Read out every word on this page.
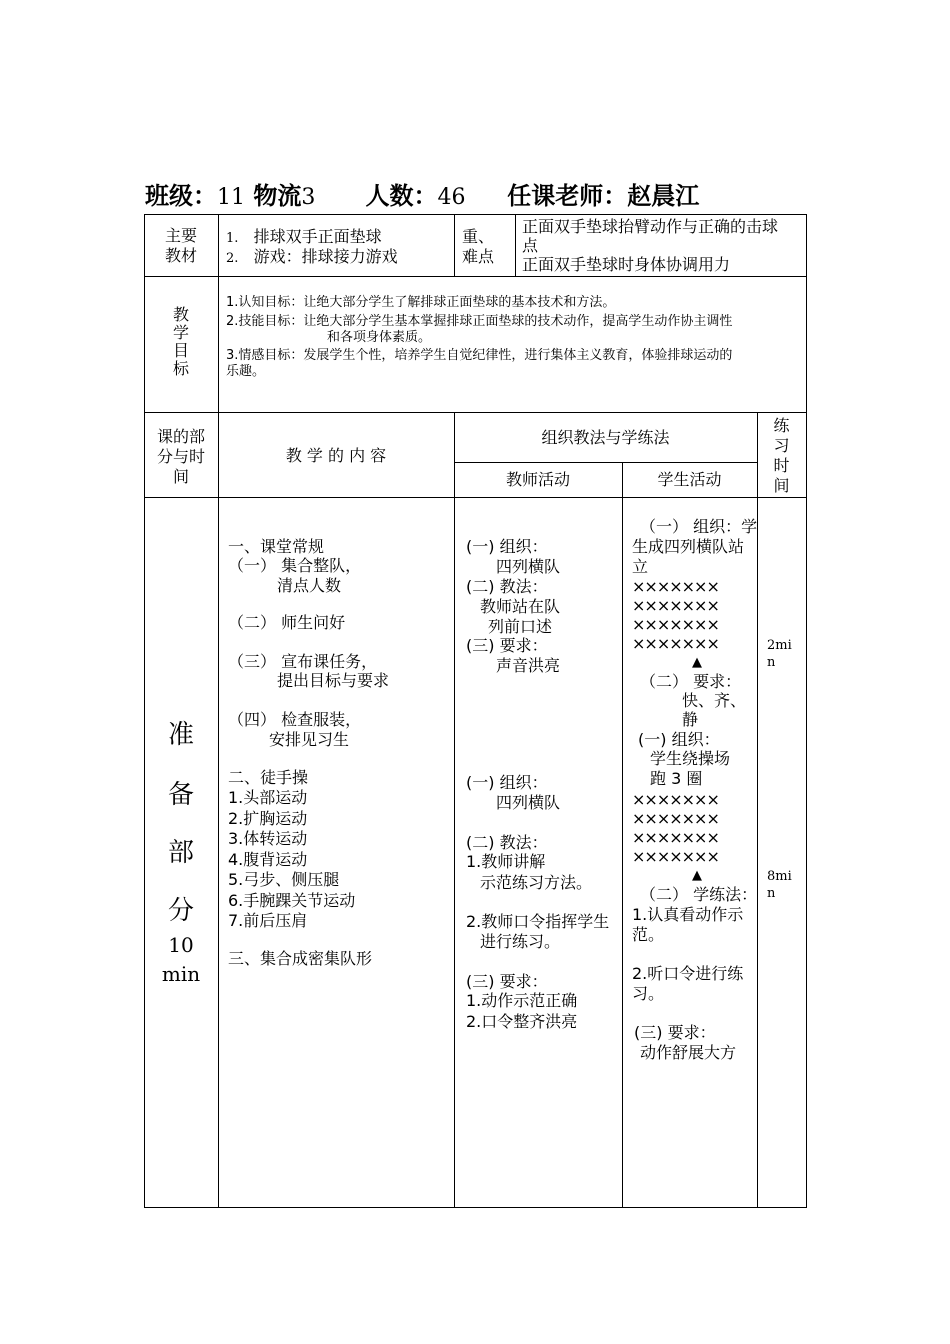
班级：11 物流3 人数：46 任课老师：赵晨江
主要
教材
1. 排球双手正面垫球
2. 游戏：排球接力游戏
重、
难点
正面双手垫球抬臂动作与正确的击球
点
正面双手垫球时身体协调用力
教
学
目
标
1.认知目标：让绝大部分学生了解排球正面垫球的基本技术和方法。
2.技能目标：让绝大部分学生基本掌握排球正面垫球的技术动作，提高学生动作协主调性
和各项身体素质。
3.情感目标：发展学生个性，培养学生自觉纪律性，进行集体主义教育，体验排球运动的
乐趣。
课的部
分与时
间
教 学 的 内 容
组织教法与学练法
教师活动	学生活动
练
习
时
间
准
备
部
分
10
min
一、课堂常规
（一） 集合整队，
清点人数
（二） 师生问好
（三） 宣布课任务，
提出目标与要求
（四） 检查服装，
安排见习生
二、徒手操
1.头部运动
2.扩胸运动
3.体转运动
4.腹背运动
5.弓步、侧压腿
6.手腕踝关节运动
7.前后压肩
三、集合成密集队形
(一) 组织：
四列横队
(二) 教法：
教师站在队
列前口述
(三) 要求：
声音洪亮
(一) 组织：
四列横队
(二) 教法：
1.教师讲解
示范练习方法。
2.教师口令指挥学生
进行练习。
(三) 要求：
1.动作示范正确
2.口令整齐洪亮
（一） 组织：学
生成四列横队站
立
×××××××
×××××××
×××××××
×××××××
▲
（二） 要求：
快、齐、
静
(一) 组织：
学生绕操场
跑 3 圈
×××××××
×××××××
×××××××
×××××××
▲
（二） 学练法：
1.认真看动作示
范。
2.听口令进行练
习。
(三) 要求：
动作舒展大方
2mi
n
8mi
n
